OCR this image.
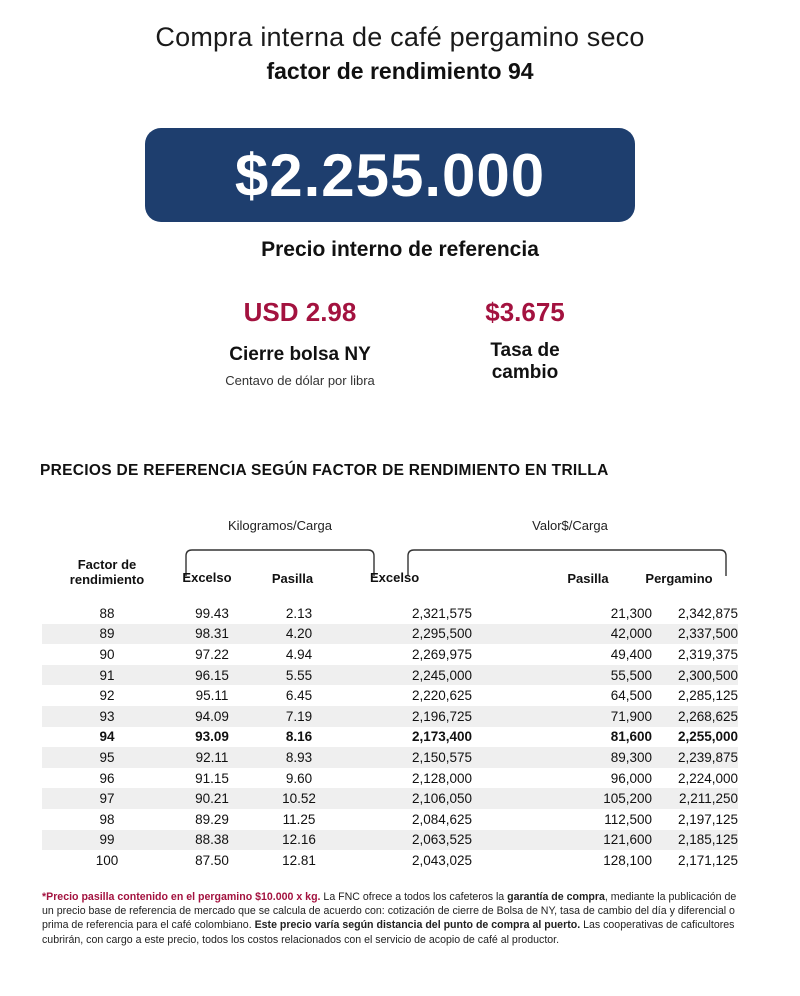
Compra interna de café pergamino seco
factor de rendimiento 94
$2.255.000
Precio interno de referencia
USD 2.98
Cierre bolsa NY
Centavo de dólar por libra
$3.675
Tasa de
cambio
PRECIOS DE REFERENCIA SEGÚN FACTOR DE RENDIMIENTO EN TRILLA
Kilogramos/Carga	Valor$/Carga
Factor de
rendimiento	Excelso	Pasilla	Excelso	Pasilla	Pergamino
88	99.43	2.13	2,321,575	21,300	2,342,875
89	98.31	4.20	2,295,500	42,000	2,337,500
90	97.22	4.94	2,269,975	49,400	2,319,375
91	96.15	5.55	2,245,000	55,500	2,300,500
92	95.11	6.45	2,220,625	64,500	2,285,125
93	94.09	7.19	2,196,725	71,900	2,268,625
94	93.09	8.16	2,173,400	81,600	2,255,000
95	92.11	8.93	2,150,575	89,300	2,239,875
96	91.15	9.60	2,128,000	96,000	2,224,000
97	90.21	10.52	2,106,050	105,200	2,211,250
98	89.29	11.25	2,084,625	112,500	2,197,125
99	88.38	12.16	2,063,525	121,600	2,185,125
100	87.50	12.81	2,043,025	128,100	2,171,125
*Precio pasilla contenido en el pergamino $10.000 x kg. La FNC ofrece a todos los cafeteros la garantía de compra, mediante la publicación de un precio base de referencia de mercado que se calcula de acuerdo con: cotización de cierre de Bolsa de NY, tasa de cambio del día y diferencial o prima de referencia para el café colombiano. Este precio varía según distancia del punto de compra al puerto. Las cooperativas de caficultores cubrirán, con cargo a este precio, todos los costos relacionados con el servicio de acopio de café al productor.
